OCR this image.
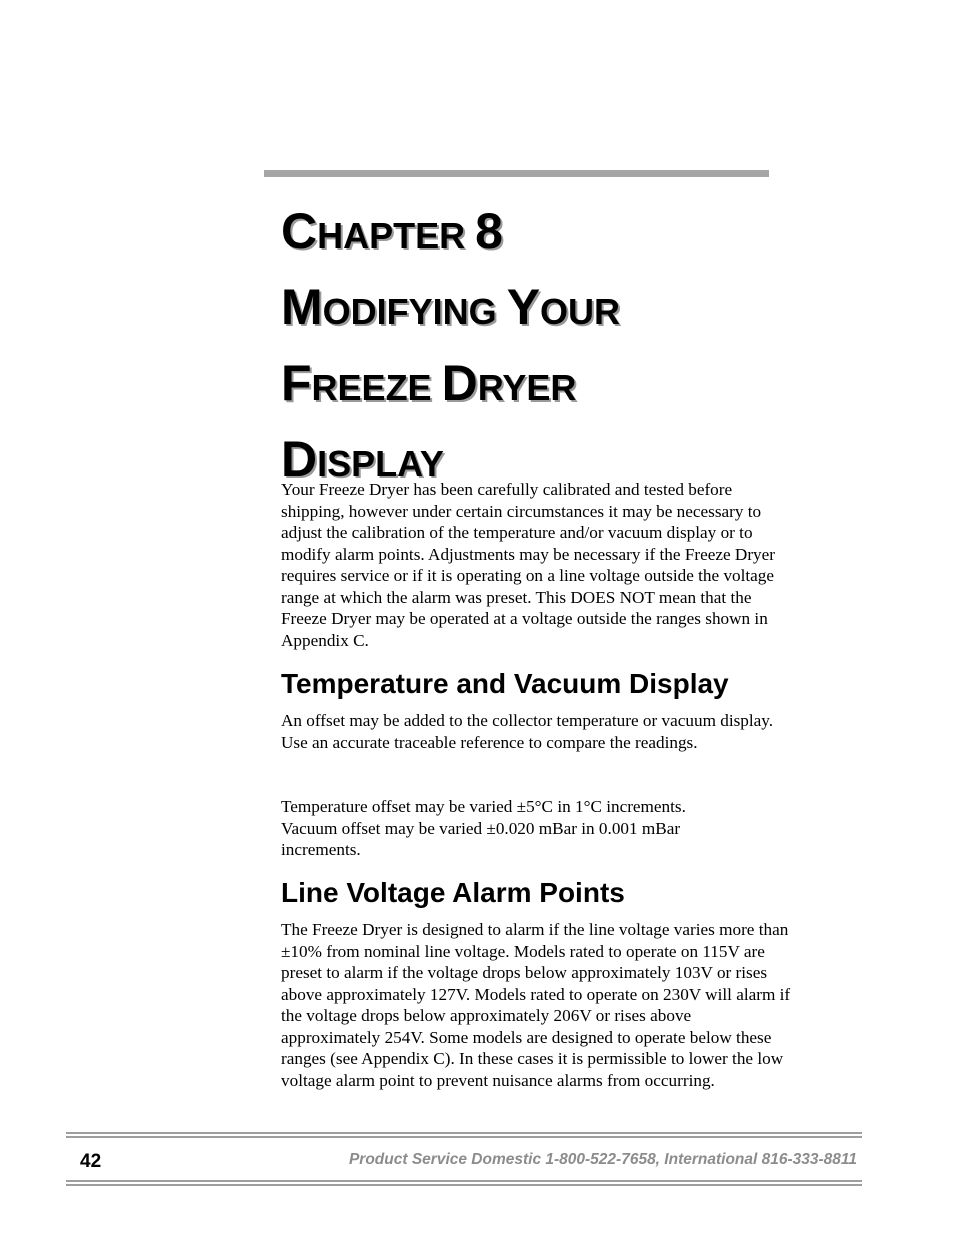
CHAPTER 8
MODIFYING YOUR
FREEZE DRYER
DISPLAY

Your Freeze Dryer has been carefully calibrated and tested before shipping, however under certain circumstances it may be necessary to adjust the calibration of the temperature and/or vacuum display or to modify alarm points. Adjustments may be necessary if the Freeze Dryer requires service or if it is operating on a line voltage outside the voltage range at which the alarm was preset. This DOES NOT mean that the Freeze Dryer may be operated at a voltage outside the ranges shown in Appendix C.

Temperature and Vacuum Display

An offset may be added to the collector temperature or vacuum display. Use an accurate traceable reference to compare the readings.

Temperature offset may be varied ±5°C in 1°C increments.

Vacuum offset may be varied ±0.020 mBar in 0.001 mBar increments.

Line Voltage Alarm Points

The Freeze Dryer is designed to alarm if the line voltage varies more than ±10% from nominal line voltage. Models rated to operate on 115V are preset to alarm if the voltage drops below approximately 103V or rises above approximately 127V. Models rated to operate on 230V will alarm if the voltage drops below approximately 206V or rises above approximately 254V. Some models are designed to operate below these ranges (see Appendix C). In these cases it is permissible to lower the low voltage alarm point to prevent nuisance alarms from occurring.

42	Product Service Domestic 1-800-522-7658, International 816-333-8811
